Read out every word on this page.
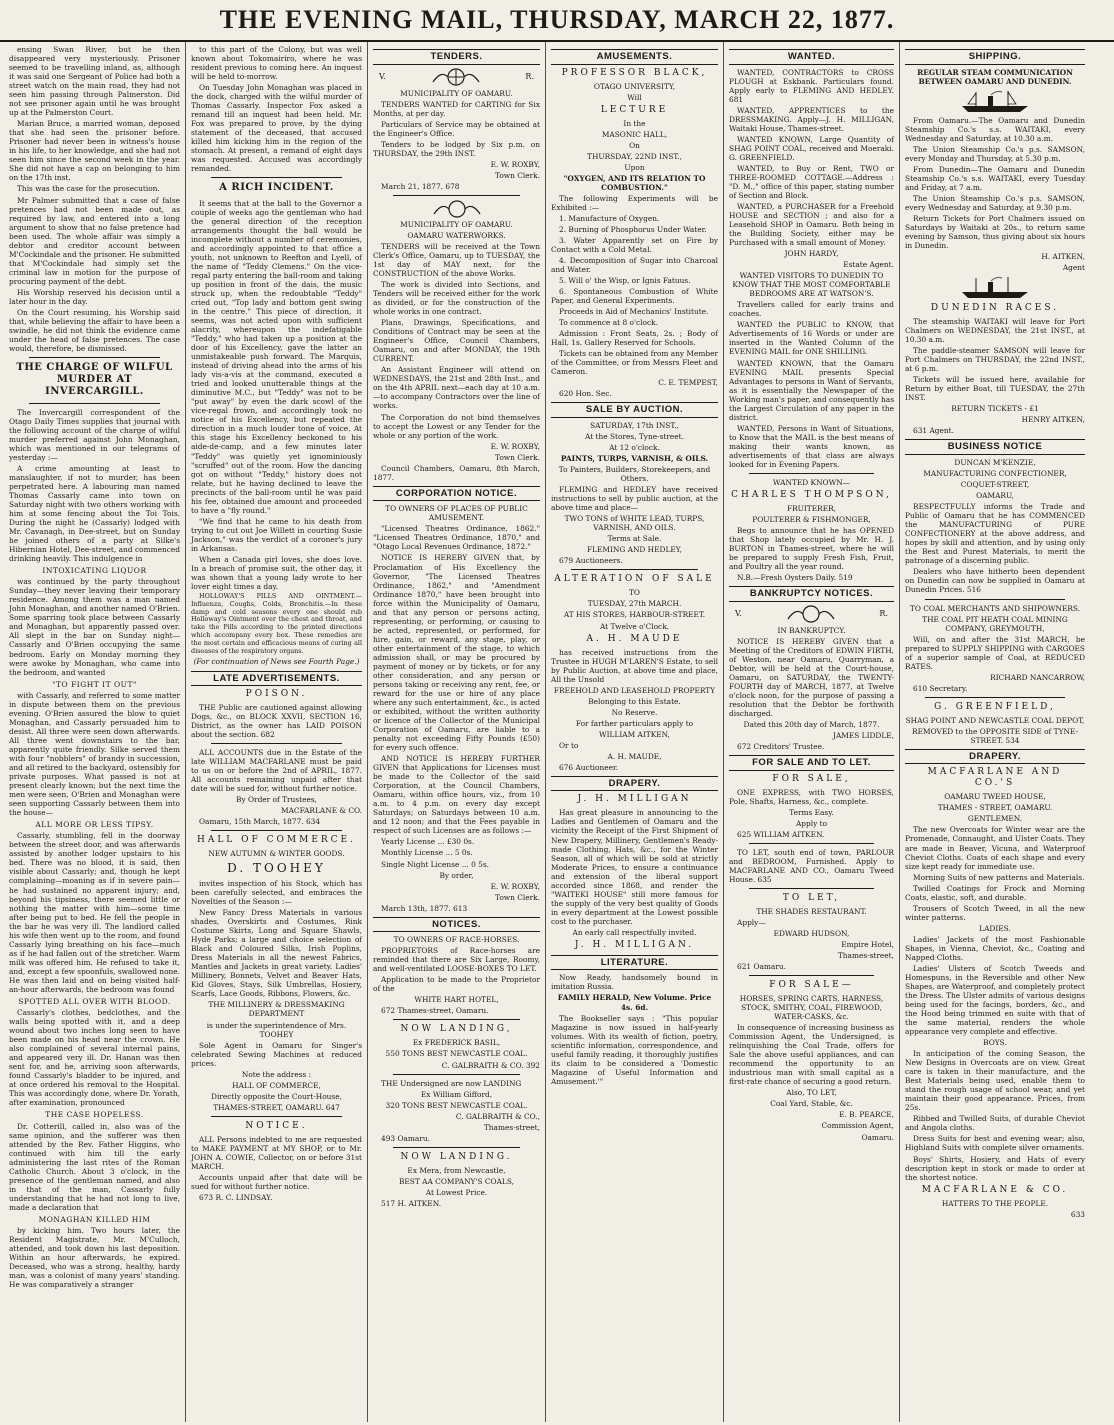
THE EVENING MAIL, THURSDAY, MARCH 22, 1877.

ensing Swan River, but he then disappeared very mysteriously. Prisoner seemed to be travelling inland, as, although it was said one Sergeant of Police had both a street watch on the main road, they had not seen him passing through Palmerston. Did not see prisoner again until he was brought up at the Palmerston Court.

Marian Bruce, a married woman, deposed that she had seen the prisoner before. Prisoner had never been in witness's house in his life, to her knowledge, and she had not seen him since the second week in the year. She did not have a cap on belonging to him on the 17th inst.

This was the case for the prosecution.

Mr Palmer submitted that a case of false pretences had not been made out, as required by law, and entered into a long argument to show that no false pretence had been used. The whole affair was simply a debtor and creditor account between M'Cockindale and the prisoner. He submitted that M'Cockindale had simply set the criminal law in motion for the purpose of procuring payment of the debt.

His Worship reserved his decision until a later hour in the day.

On the Court resuming, his Worship said that, while believing the affair to have been a swindle, he did not think the evidence came under the head of false pretences. The case would, therefore, be dismissed.

THE CHARGE OF WILFUL MURDER AT INVERCARGILL.

The Invercargill correspondent of the Otago Daily Times supplies that journal with the following account of the charge of wilful murder preferred against John Monaghan, which was mentioned in our telegrams of yesterday :—

A crime amounting at least to manslaughter, if not to murder, has been perpetrated here. A labouring man named Thomas Cassarly came into town on Saturday night with two others working with him at some fencing about the Toi Tois. During the night he (Cassarly) lodged with Mr. Cavanagh, in Dee-street, but on Sunday he joined others of a party at Silke's Hibernian Hotel, Dee-street, and commenced drinking heavily. This indulgence in

INTOXICATING LIQUOR

was continued by the party throughout Sunday—they never leaving their temporary residence. Among them was a man named John Monaghan, and another named O'Brien. Some sparring took place between Cassarly and Monaghan, but apparently passed over. All slept in the bar on Sunday night—Cassarly and O'Brien occupying the same bedroom. Early on Monday morning they were awoke by Monaghan, who came into the bedroom, and wanted

"TO FIGHT IT OUT"

with Cassarly, and referred to some matter in dispute between them on the previous evening. O'Brien assured the blow to quiet Monaghan, and Cassarly persuaded him to desist. All three were seen down afterwards. All three went downstairs to the bar, apparently quite friendly. Silke served them with four "nobblers" of brandy in succession, and all retired to the backyard, ostensibly for private purposes. What passed is not at present clearly known; but the next time the men were seen, O'Brien and Monaghan were seen supporting Cassarly between them into the house—

ALL MORE OR LESS TIPSY.

Cassarly, stumbling, fell in the doorway between the street door, and was afterwards assisted by another lodger upstairs to his bed. There was no blood, it is said, then visible about Cassarly; and, though he kept complaining—moaning as if in severe pain—he had sustained no apparent injury; and, beyond his tipsiness, there seemed little or nothing the matter with him—some time after being put to bed. He fell the people in the bar he was very ill. The landlord called his wife then went up to the room, and found Cassarly lying breathing on his face—much as if he had fallen out of the stretcher. Warm milk was offered him. He refused to take it, and, except a few spoonfuls, swallowed none. He was then laid and on being visited half-an-hour afterwards, the bedroom was found

SPOTTED ALL OVER WITH BLOOD.

Cassarly's clothes, bedclothes, and the walls being spotted with it, and a deep wound about two inches long seen to have been made on his head near the crown. He also complained of several internal pains, and appeared very ill. Dr. Hanan was then sent for, and he, arriving soon afterwards, found Cassarly's bladder to be injured, and at once ordered his removal to the Hospital. This was accordingly done, where Dr. Yorath, after examination, pronounced

THE CASE HOPELESS.

Dr. Cotterill, called in, also was of the same opinion, and the sufferer was then attended by the Rev. Father Higgins, who continued with him till the early administering the last rites of the Roman Catholic Church. About 3 o'clock, in the presence of the gentleman named, and also in that of the man, Cassarly fully understanding that he had not long to live, made a declaration that

MONAGHAN KILLED HIM

by kicking him. Two hours later, the Resident Magistrate, Mr. M'Culloch, attended, and took down his last deposition. Within an hour afterwards, he expired. Deceased, who was a strong, healthy, hardy man, was a colonist of many years' standing. He was comparatively a stranger

to this part of the Colony, but was well known about Tokomairiro, where he was resident previous to coming here. An inquest will be held to-morrow.

On Tuesday John Monaghan was placed in the dock, charged with the wilful murder of Thomas Cassarly. Inspector Fox asked a remand till an inquest had been held. Mr. Fox was prepared to prove, by the dying statement of the deceased, that accused killed him kicking him in the region of the stomach. At present, a remand of eight days was requested. Accused was accordingly remanded.

A RICH INCIDENT.

It seems that at the ball to the Governor a couple of weeks ago the gentleman who had the general direction of the reception arrangements thought the ball would be incomplete without a number of ceremonies, and accordingly appointed to that office a youth, not unknown to Reefton and Lyell, of the name of "Teddy Clemens." On the vice-regal party entering the ball-room and taking up position in front of the dais, the music struck up, when the redoubtable "Teddy" cried out, "Top lady and bottom gent swing in the centre." This piece of direction, it seems, was not acted upon with sufficient alacrity, whereupon the indefatigable "Teddy," who had taken up a position at the door of his Excellency, gave the latter an unmistakeable push forward. The Marquis, instead of driving ahead into the arms of his lady vis-a-vis at the command, executed a tried and looked unutterable things at the diminutive M.C., but "Teddy" was not to be "put away" by even the dark scowl of the vice-regal frown, and accordingly took no notice of his Excellency, but repeated the direction in a much louder tone of voice. At this stage his Excellency beckoned to his aide-de-camp, and a few minutes later "Teddy" was quietly yet ignominiously "scruffed" out of the room. How the dancing got on without "Teddy," history does not relate, but he having declined to leave the precincts of the ball-room until he was paid his fee, obtained due amount and proceeded to have a "fly round."

"We find that he came to his death from trying to cut out Joe Willett in courting Susie Jackson," was the verdict of a coroner's jury in Arkansas.

When a Canada girl loves, she does love. In a breach of promise suit, the other day, it was shown that a young lady wrote to her lover eight times a day.

HOLLOWAY'S PILLS AND OINTMENT.—Influenza, Coughs, Colds, Bronchitis.—In these damp and cold seasons every one should rub Holloway's Ointment over the chest and throat, and take the Pills according to the printed directions which accompany every box. These remedies are the most certain and efficacious means of curing all diseases of the respiratory organs.

(For continuation of News see Fourth Page.)

LATE ADVERTISEMENTS.
POISON.

THE Public are cautioned against allowing Dogs, &c., on BLOCK XXVII, SECTION 16, District, as the owner has LAID POISON about the section. 682

ALL ACCOUNTS due in the Estate of the late WILLIAM MACFARLANE must be paid to us on or before the 2nd of APRIL, 1877. All accounts remaining unpaid after that date will be sued for, without further notice.

By Order of Trustees,

MACFARLANE & CO.

Oamaru, 15th March, 1877. 634

HALL OF COMMERCE.

NEW AUTUMN & WINTER GOODS.

D. TOOHEY

invites inspection of his Stock, which has been carefully selected, and embraces the Novelties of the Season :—

New Fancy Dress Materials in various shades, Overskirts and Costumes, Rink Costume Skirts, Long and Square Shawls, Hyde Parks; a large and choice selection of Black and Coloured Silks, Irish Poplins, Dress Materials in all the newest Fabrics, Mantles and Jackets in great variety. Ladies' Millinery, Bonnets, Velvet and Beaver Hats, Kid Gloves, Stays, Silk Umbrellas, Hosiery, Scarfs, Lace Goods, Ribbons, Flowers, &c.

THE MILLINERY & DRESSMAKING DEPARTMENT

is under the superintendence of Mrs. TOOHEY

Sole Agent in Oamaru for Singer's celebrated Sewing Machines at reduced prices.

Note the address :

HALL OF COMMERCE,

Directly opposite the Court-House,

THAMES-STREET, OAMARU. 647

NOTICE.

ALL Persons indebted to me are requested to MAKE PAYMENT at MY SHOP, or to Mr. JOHN A. COWIE, Collector, on or before 31st MARCH.

Accounts unpaid after that date will be sued for without further notice.

673 R. C. LINDSAY.

TENDERS.
V.	R.

MUNICIPALITY OF OAMARU.

TENDERS WANTED for CARTING for Six Months, at per day.

Particulars of Service may be obtained at the Engineer's Office.

Tenders to be lodged by Six p.m. on THURSDAY, the 29th INST.

E. W. ROXBY,

Town Clerk.

March 21, 1877. 678

MUNICIPALITY OF OAMARU.

OAMARU WATERWORKS.

TENDERS will be received at the Town Clerk's Office, Oamaru, up to TUESDAY, the 1st day of MAY next, for the CONSTRUCTION of the above Works.

The work is divided into Sections, and Tenders will be received either for the work as divided, or for the construction of the whole works in one contract.

Plans, Drawings, Specifications, and Conditions of Contract may be seen at the Engineer's Office, Council Chambers, Oamaru, on and after MONDAY, the 19th CURRENT.

An Assistant Engineer will attend on WEDNESDAYS, the 21st and 28th Inst., and on the 4th APRIL next—each day at 10 a.m.—to accompany Contractors over the line of works.

The Corporation do not bind themselves to accept the Lowest or any Tender for the whole or any portion of the work.

E. W. ROXBY,

Town Clerk.

Council Chambers, Oamaru, 8th March, 1877.

CORPORATION NOTICE.

TO OWNERS OF PLACES OF PUBLIC AMUSEMENT.

"Licensed Theatres Ordinance, 1862." "Licensed Theatres Ordinance, 1870," and "Otago Local Revenues Ordinance, 1872."

NOTICE IS HEREBY GIVEN that, by Proclamation of His Excellency the Governor, "The Licensed Theatres Ordinance, 1862," and "Amendment Ordinance 1870," have been brought into force within the Municipality of Oamaru, and that any person or persons acting, representing, or performing, or causing to be acted, represented, or performed, for hire, gain, or reward, any stage, play, or other entertainment of the stage, to which admission shall, or may be procured by payment of money or by tickets, or for any other consideration, and any person or persons taking or receiving any rent, fee, or reward for the use or hire of any place where any such entertainment, &c., is acted or exhibited, without the written authority or licence of the Collector of the Municipal Corporation of Oamaru, are liable to a penalty not exceeding Fifty Pounds (£50) for every such offence.

AND NOTICE IS HEREBY FURTHER GIVEN that Applications for Licenses must be made to the Collector of the said Corporation, at the Council Chambers, Oamaru, within office hours, viz., from 10 a.m. to 4 p.m. on every day except Saturdays; on Saturdays between 10 a.m. and 12 noon; and that the Fees payable in respect of such Licenses are as follows :—

Yearly License ... £30 0s.

Monthly License ... 5 0s.

Single Night License ... 0 5s.

By order,

E. W. ROXBY,

Town Clerk.

March 13th, 1877. 613

NOTICES.

TO OWNERS OF RACE-HORSES.

PROPRIETORS of Race-horses are reminded that there are Six Large, Roomy, and well-ventilated LOOSE-BOXES TO LET.

Application to be made to the Proprietor of the

WHITE HART HOTEL,

672 Thames-street, Oamaru.

NOW LANDING,

Ex FREDERICK BASIL,

550 TONS BEST NEWCASTLE COAL.

C. GALBRAITH & CO. 392

THE Undersigned are now LANDING

Ex William Gifford,

320 TONS BEST NEWCASTLE COAL.

C. GALBRAITH & CO.,

Thames-street,

493 Oamaru.

NOW LANDING.

Ex Mera, from Newcastle,

BEST AA COMPANY'S COALS,

At Lowest Price.

517 H. AITKEN.

AMUSEMENTS.
PROFESSOR BLACK,

OTAGO UNIVERSITY,

Will

LECTURE

In the

MASONIC HALL,

On

THURSDAY, 22ND INST.,

Upon

"OXYGEN, AND ITS RELATION TO COMBUSTION."

The following Experiments will be Exhibited :—

1. Manufacture of Oxygen.

2. Burning of Phosphorus Under Water.

3. Water Apparently set on Fire by Contact with a Cold Metal.

4. Decomposition of Sugar into Charcoal and Water.

5. Will o' the Wisp, or Ignis Fatuus.

6. Spontaneous Combustion of White Paper, and General Experiments.

Proceeds in Aid of Mechanics' Institute.

To commence at 8 o'clock.

Admission : Front Seats, 2s. ; Body of Hall, 1s. Gallery Reserved for Schools.

Tickets can be obtained from any Member of the Committee, or from Messrs Fleet and Cameron.

C. E. TEMPEST,

620 Hon. Sec.

SALE BY AUCTION.

SATURDAY, 17th INST.,

At the Stores, Tyne-street.

At 12 o'clock.

PAINTS, TURPS, VARNISH, & OILS.

To Painters, Builders, Storekeepers, and Others.

FLEMING and HEDLEY have received instructions to sell by public auction, at the above time and place—

TWO TONS of WHITE LEAD, TURPS, VARNISH, AND OILS.

Terms at Sale.

FLEMING AND HEDLEY,

679 Auctioneers.

ALTERATION OF SALE

TO

TUESDAY, 27th MARCH.

AT HIS STORES, HARBOUR-STREET.

At Twelve o'Clock.

A. H. MAUDE

has received instructions from the Trustee in HUGH M'LAREN'S Estate, to sell by Public Auction, at above time and place, All the Unsold

FREEHOLD AND LEASEHOLD PROPERTY

Belonging to this Estate.

No Reserve.

For farther particulars apply to

WILLIAM AITKEN,

Or to

A. H. MAUDE,

676 Auctioneer.

DRAPERY.
J. H. MILLIGAN

Has great pleasure in announcing to the Ladies and Gentlemen of Oamaru and the vicinity the Receipt of the First Shipment of New Drapery, Millinery, Gentlemen's Ready-made Clothing, Hats, &c., for the Winter Season, all of which will be sold at strictly Moderate Prices, to ensure a continuance and extension of the liberal support accorded since 1868, and render the "WAITEKI HOUSE" still more famous for the supply of the very best quality of Goods in every department at the Lowest possible cost to the purchaser.

An early call respectfully invited.

J. H. MILLIGAN.
LITERATURE.

Now Ready, handsomely bound in imitation Russia.

FAMILY HERALD, New Volume. Price 4s. 6d.

The Bookseller says : "This popular Magazine is now issued in half-yearly volumes. With its wealth of fiction, poetry, scientific information, correspondence, and useful family reading, it thoroughly justifies its claim to be considered a 'Domestic Magazine of Useful Information and Amusement.'"

WANTED.

WANTED, CONTRACTORS to CROSS PLOUGH at Eskbank. Particulars found. Apply early to FLEMING AND HEDLEY. 681

WANTED, APPRENTICES to the DRESSMAKING. Apply—J. H. MILLIGAN, Waitaki House, Thames-street.

WANTED KNOWN, Large Quantity of SHAG POINT COAL, received and Moeraki. G. GREENFIELD.

WANTED, to Buy or Rent, TWO or THREE-ROOMED COTTAGE.—Address : "D. M.," office of this paper, stating number of Section and Block.

WANTED, a PURCHASER for a Freehold HOUSE and SECTION ; and also for a Leasehold SHOP in Oamaru. Both being in the Building Society, either may be Purchased with a small amount of Money.

JOHN HARDY,

Estate Agent.

WANTED VISITORS TO DUNEDIN TO KNOW THAT THE MOST COMFORTABLE BEDROOMS ARE AT WATSON'S.

Travellers called for early trains and coaches.

WANTED the PUBLIC to KNOW, that Advertisements of 16 Words or under are inserted in the Wanted Column of the EVENING MAIL for ONE SHILLING.

WANTED KNOWN, that the Oamaru EVENING MAIL presents Special Advantages to persons in Want of Servants, as it is essentially the Newspaper of the Working man's paper, and consequently has the Largest Circulation of any paper in the district.

WANTED, Persons in Want of Situations, to Know that the MAIL is the best means of making their wants known, as advertisements of that class are always looked for in Evening Papers.

WANTED KNOWN—

CHARLES THOMPSON,

FRUITERER,

POULTERER & FISHMONGER,

Begs to announce that he has OPENED that Shop lately occupied by Mr. H. J. BURTON in Thames-street, where he will be prepared to supply Fresh Fish, Fruit, and Poultry all the year round.

N.B.—Fresh Oysters Daily. 519

BANKRUPTCY NOTICES.
V.	R.

IN BANKRUPTCY.

NOTICE IS HEREBY GIVEN that a Meeting of the Creditors of EDWIN FIRTH, of Weston, near Oamaru, Quarryman, a Debtor, will be held at the Court-house, Oamaru, on SATURDAY, the TWENTY-FOURTH day of MARCH, 1877, at Twelve o'clock noon, for the purpose of passing a resolution that the Debtor be forthwith discharged.

Dated this 20th day of March, 1877.

JAMES LIDDLE,

672 Creditors' Trustee.

FOR SALE AND TO LET.
FOR SALE,

ONE EXPRESS, with TWO HORSES, Pole, Shafts, Harness, &c., complete.

Terms Easy.

Apply to

625 WILLIAM AITKEN.

TO LET, south end of town, PARLOUR and BEDROOM, Furnished. Apply to MACFARLANE AND CO., Oamaru Tweed House. 635

TO LET,

THE SHADES RESTAURANT.

Apply—

EDWARD HUDSON,

Empire Hotel,

Thames-street,

621 Oamaru.

FOR SALE—

HORSES, SPRING CARTS, HARNESS, STOCK, SMITHY, COAL, FIREWOOD, WATER-CASKS, &c.

In consequence of increasing business as Commission Agent, the Undersigned, is relinquishing the Coal Trade, offers for Sale the above useful appliances, and can recommend the opportunity to an industrious man with small capital as a first-rate chance of securing a good return.

Also, TO LET,

Coal Yard, Stable, &c.

E. B. PEARCE,

Commission Agent,

Oamaru.

SHIPPING.

REGULAR STEAM COMMUNICATION BETWEEN OAMARU AND DUNEDIN.

From Oamaru.—The Oamaru and Dunedin Steamship Co.'s s.s. WAITAKI, every Wednesday and Saturday, at 10.30 a.m.

The Union Steamship Co.'s p.s. SAMSON, every Monday and Thursday, at 5.30 p.m.

From Dunedin—The Oamaru and Dunedin Steamship Co.'s s.s. WAITAKI, every Tuesday and Friday, at 7 a.m.

The Union Steamship Co.'s p.s. SAMSON, every Wednesday and Saturday, at 9.30 p.m.

Return Tickets for Port Chalmers issued on Saturdays by Waitaki at 20s., to return same evening by Samson, thus giving about six hours in Dunedin.

H. AITKEN,

Agent

DUNEDIN RACES.

The steamship WAITAKI will leave for Port Chalmers on WEDNESDAY, the 21st INST., at 10.30 a.m.

The paddle-steamer SAMSON will leave for Port Chalmers on THURSDAY, the 22nd INST., at 6 p.m.

Tickets will be issued here, available for Return by either Boat, till TUESDAY, the 27th INST.

RETURN TICKETS - £1

HENRY AITKEN,

631 Agent.

BUSINESS NOTICE

DUNCAN M'KENZIE,

MANUFACTURING CONFECTIONER,

COQUET-STREET,

OAMARU,

RESPECTFULLY informs the Trade and Public of Oamaru that he has COMMENCED the MANUFACTURING of PURE CONFECTIONERY at the above address, and hopes by skill and attention, and by using only the Best and Purest Materials, to merit the patronage of a discerning public.

Dealers who have hitherto been dependent on Dunedin can now be supplied in Oamaru at Dunedin Prices. 516

TO COAL MERCHANTS AND SHIPOWNERS.

THE COAL PIT HEATH COAL MINING COMPANY, GREYMOUTH,

Will, on and after the 31st MARCH, be prepared to SUPPLY SHIPPING with CARGOES of a superior sample of Coal, at REDUCED RATES.

RICHARD NANCARROW,

610 Secretary.

G. GREENFIELD,

SHAG POINT AND NEWCASTLE COAL DEPOT,

REMOVED to the OPPOSITE SIDE of TYNE-STREET. 534

DRAPERY.
MACFARLANE AND CO.'S

OAMARU TWEED HOUSE,

THAMES - STREET, OAMARU.

GENTLEMEN.

The new Overcoats for Winter wear are the Promenade, Connaught, and Ulster Coats. They are made in Beaver, Vicuna, and Waterproof Cheviot Cloths. Coats of each shape and every size kept ready for immediate use.

Morning Suits of new patterns and Materials.

Twilled Coatings for Frock and Morning Coats, elastic, soft, and durable.

Trousers of Scotch Tweed, in all the new winter patterns.

LADIES.

Ladies' Jackets of the most Fashionable Shapes, in Vienna, Cheviot, &c., Coating and Napped Cloths.

Ladies' Ulsters of Scotch Tweeds and Homespuns, in the Reversible and other New Shapes, are Waterproof, and completely protect the Dress. The Ulster admits of various designs being used for the facings, borders, &c., and the Hood being trimmed en suite with that of the same material, renders the whole appearance very complete and effective.

BOYS.

In anticipation of the coming Season, the New Designs in Overcoats are on view. Great care is taken in their manufacture, and the Best Materials being used, enable them to stand the rough usage of school wear, and yet maintain their good appearance. Prices, from 25s.

Ribbed and Twilled Suits, of durable Cheviot and Angola cloths.

Dress Suits for best and evening wear; also, Highland Suits with complete silver ornaments.

Boys' Shirts, Hosiery, and Hats of every description kept in stock or made to order at the shortest notice.

MACFARLANE & CO.

HATTERS TO THE PEOPLE.

633
